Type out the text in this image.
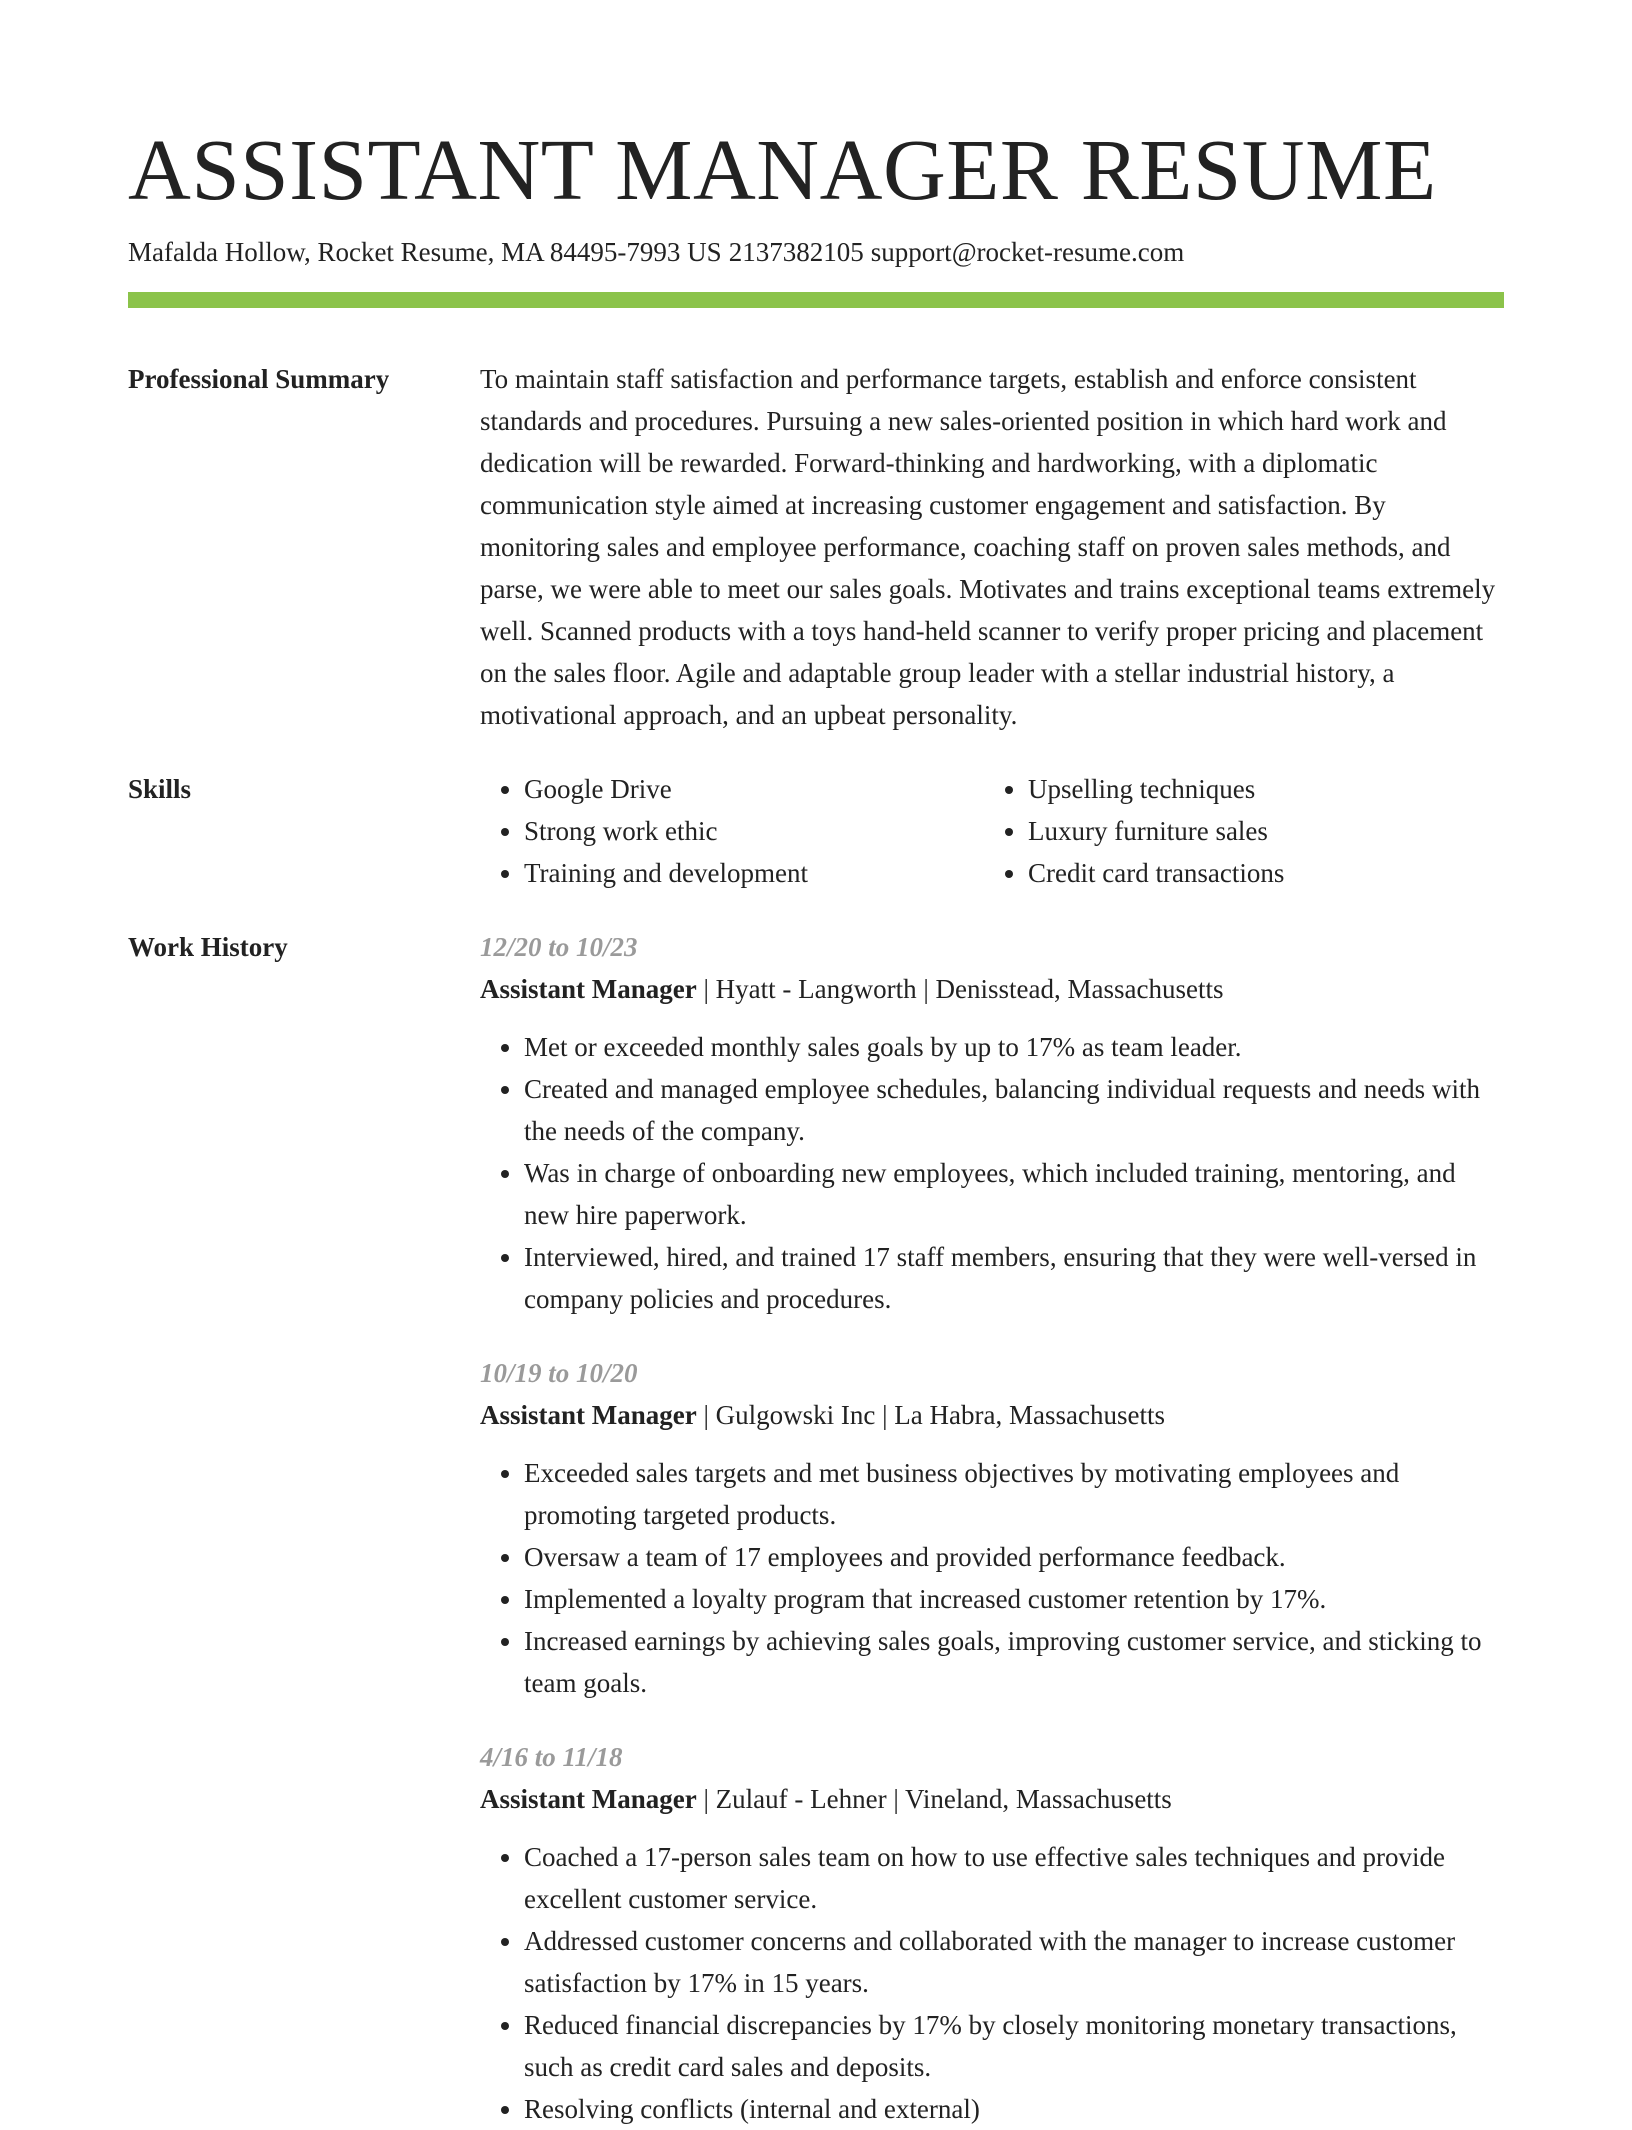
ASSISTANT MANAGER RESUME
Mafalda Hollow, Rocket Resume, MA 84495-7993 US 2137382105 support@rocket-resume.com
Professional Summary	To maintain staff satisfaction and performance targets, establish and enforce consistent standards and procedures. Pursuing a new sales-oriented position in which hard work and dedication will be rewarded. Forward-thinking and hardworking, with a diplomatic communication style aimed at increasing customer engagement and satisfaction. By monitoring sales and employee performance, coaching staff on proven sales methods, and parse, we were able to meet our sales goals. Motivates and trains exceptional teams extremely well. Scanned products with a toys hand-held scanner to verify proper pricing and placement on the sales floor. Agile and adaptable group leader with a stellar industrial history, a motivational approach, and an upbeat personality.
Skills
•	Google Drive
• Strong work ethic
• Training and development
• Upselling techniques
• Luxury furniture sales
• Credit card transactions
Work History	12/20 to 10/23
Assistant Manager | Hyatt - Langworth | Denisstead, Massachusetts
• Met or exceeded monthly sales goals by up to 17% as team leader.
• Created and managed employee schedules, balancing individual requests and needs with the needs of the company.
• Was in charge of onboarding new employees, which included training, mentoring, and new hire paperwork.
• Interviewed, hired, and trained 17 staff members, ensuring that they were well-versed in company policies and procedures.
10/19 to 10/20
Assistant Manager | Gulgowski Inc | La Habra, Massachusetts
• Exceeded sales targets and met business objectives by motivating employees and promoting targeted products.
• Oversaw a team of 17 employees and provided performance feedback.
• Implemented a loyalty program that increased customer retention by 17%.
• Increased earnings by achieving sales goals, improving customer service, and sticking to team goals.
4/16 to 11/18
Assistant Manager | Zulauf - Lehner | Vineland, Massachusetts
• Coached a 17-person sales team on how to use effective sales techniques and provide excellent customer service.
• Addressed customer concerns and collaborated with the manager to increase customer satisfaction by 17% in 15 years.
• Reduced financial discrepancies by 17% by closely monitoring monetary transactions, such as credit card sales and deposits.
• Resolving conflicts (internal and external)
